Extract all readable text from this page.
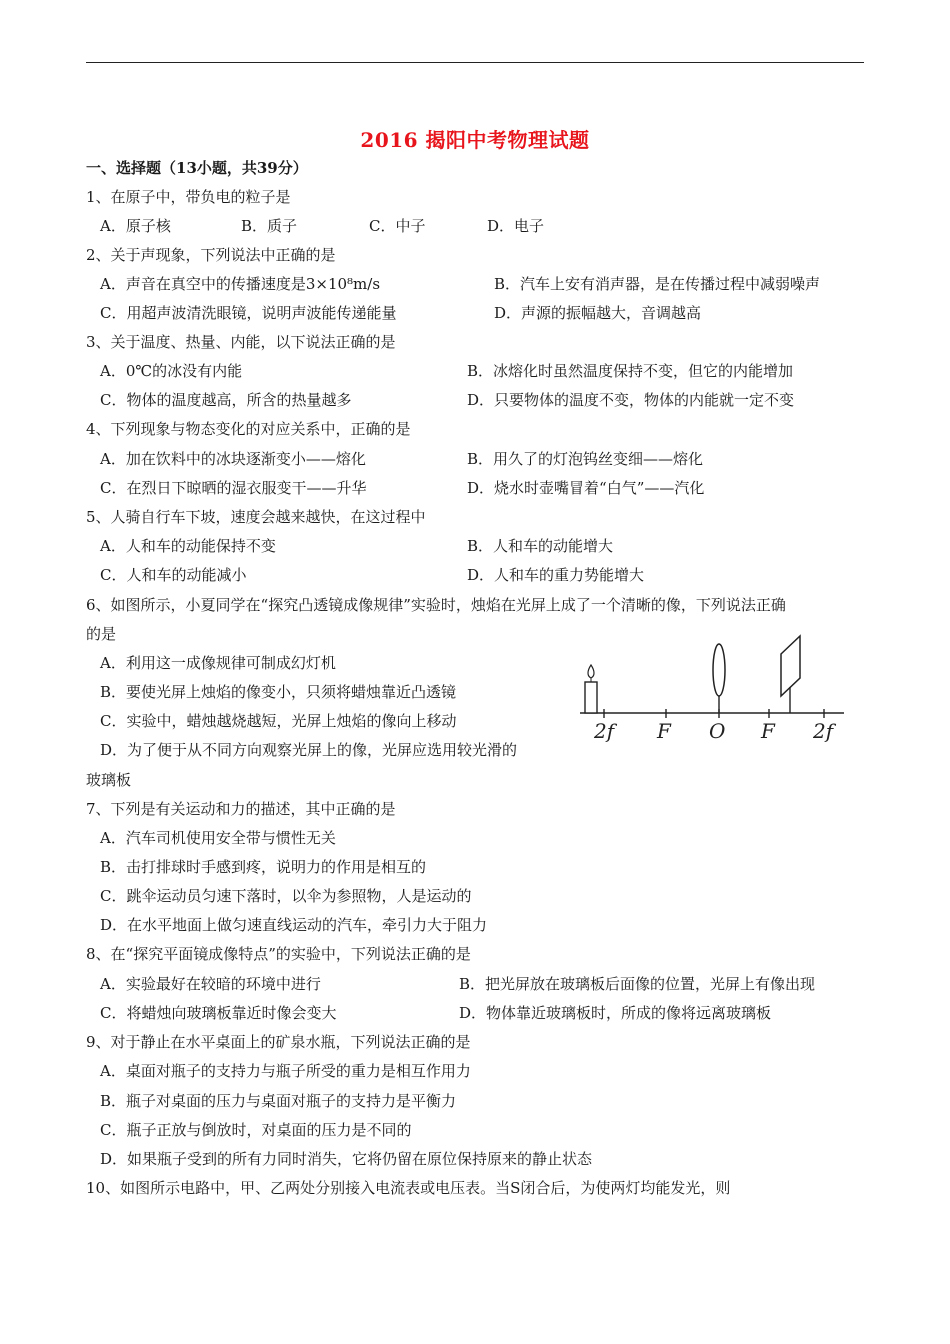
2016 揭阳中考物理试题
一、选择题（13小题，共39分）
1、在原子中，带负电的粒子是
A．原子核	B．质子	C．中子	D．电子
2、关于声现象，下列说法中正确的是
A．声音在真空中的传播速度是3×10⁸m/s	B．汽车上安有消声器，是在传播过程中减弱噪声
C．用超声波清洗眼镜，说明声波能传递能量	D．声源的振幅越大，音调越高
3、关于温度、热量、内能，以下说法正确的是
A．0℃的冰没有内能	B．冰熔化时虽然温度保持不变，但它的内能增加
C．物体的温度越高，所含的热量越多	D．只要物体的温度不变，物体的内能就一定不变
4、下列现象与物态变化的对应关系中，正确的是
A．加在饮料中的冰块逐渐变小——熔化	B．用久了的灯泡钨丝变细——熔化
C．在烈日下晾晒的湿衣服变干——升华	D．烧水时壶嘴冒着“白气”——汽化
5、人骑自行车下坡，速度会越来越快，在这过程中
A．人和车的动能保持不变	B．人和车的动能增大
C．人和车的动能减小	D．人和车的重力势能增大
6、如图所示，小夏同学在“探究凸透镜成像规律”实验时，烛焰在光屏上成了一个清晰的像，下列说法正确
的是
A．利用这一成像规律可制成幻灯机
B．要使光屏上烛焰的像变小，只须将蜡烛靠近凸透镜
C．实验中，蜡烛越烧越短，光屏上烛焰的像向上移动
D．为了便于从不同方向观察光屏上的像，光屏应选用较光滑的
玻璃板
2f F O F 2f
7、下列是有关运动和力的描述，其中正确的是
A．汽车司机使用安全带与惯性无关
B．击打排球时手感到疼，说明力的作用是相互的
C．跳伞运动员匀速下落时，以伞为参照物，人是运动的
D．在水平地面上做匀速直线运动的汽车，牵引力大于阻力
8、在“探究平面镜成像特点”的实验中，下列说法正确的是
A．实验最好在较暗的环境中进行	B．把光屏放在玻璃板后面像的位置，光屏上有像出现
C．将蜡烛向玻璃板靠近时像会变大	D．物体靠近玻璃板时，所成的像将远离玻璃板
9、对于静止在水平桌面上的矿泉水瓶，下列说法正确的是
A．桌面对瓶子的支持力与瓶子所受的重力是相互作用力
B．瓶子对桌面的压力与桌面对瓶子的支持力是平衡力
C．瓶子正放与倒放时，对桌面的压力是不同的
D．如果瓶子受到的所有力同时消失，它将仍留在原位保持原来的静止状态
10、如图所示电路中，甲、乙两处分别接入电流表或电压表。当S闭合后，为使两灯均能发光，则
